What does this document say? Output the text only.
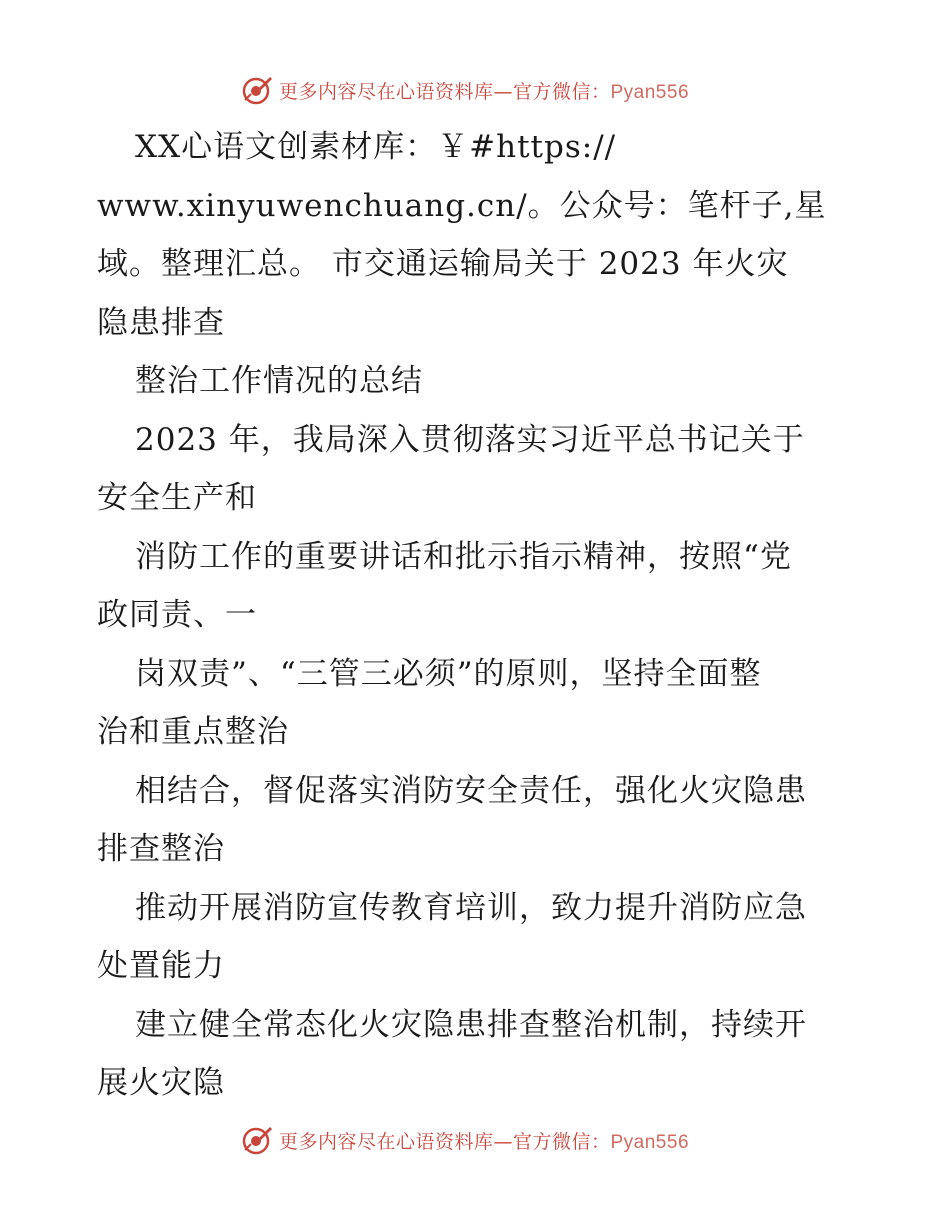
更多内容尽在心语资料库—官方微信：Pyan556
XX心语文创素材库：￥#https://
www.xinyuwenchuang.cn/。公众号：笔杆子,星
域。整理汇总。 市交通运输局关于 2023 年火灾
隐患排查
整治工作情况的总结
2023 年，我局深入贯彻落实习近平总书记关于
安全生产和
消防工作的重要讲话和批示指示精神，按照“党
政同责、一
岗双责”、“三管三必须”的原则，坚持全面整
治和重点整治
相结合，督促落实消防安全责任，强化火灾隐患
排查整治
推动开展消防宣传教育培训，致力提升消防应急
处置能力
建立健全常态化火灾隐患排查整治机制，持续开
展火灾隐
更多内容尽在心语资料库—官方微信：Pyan556
